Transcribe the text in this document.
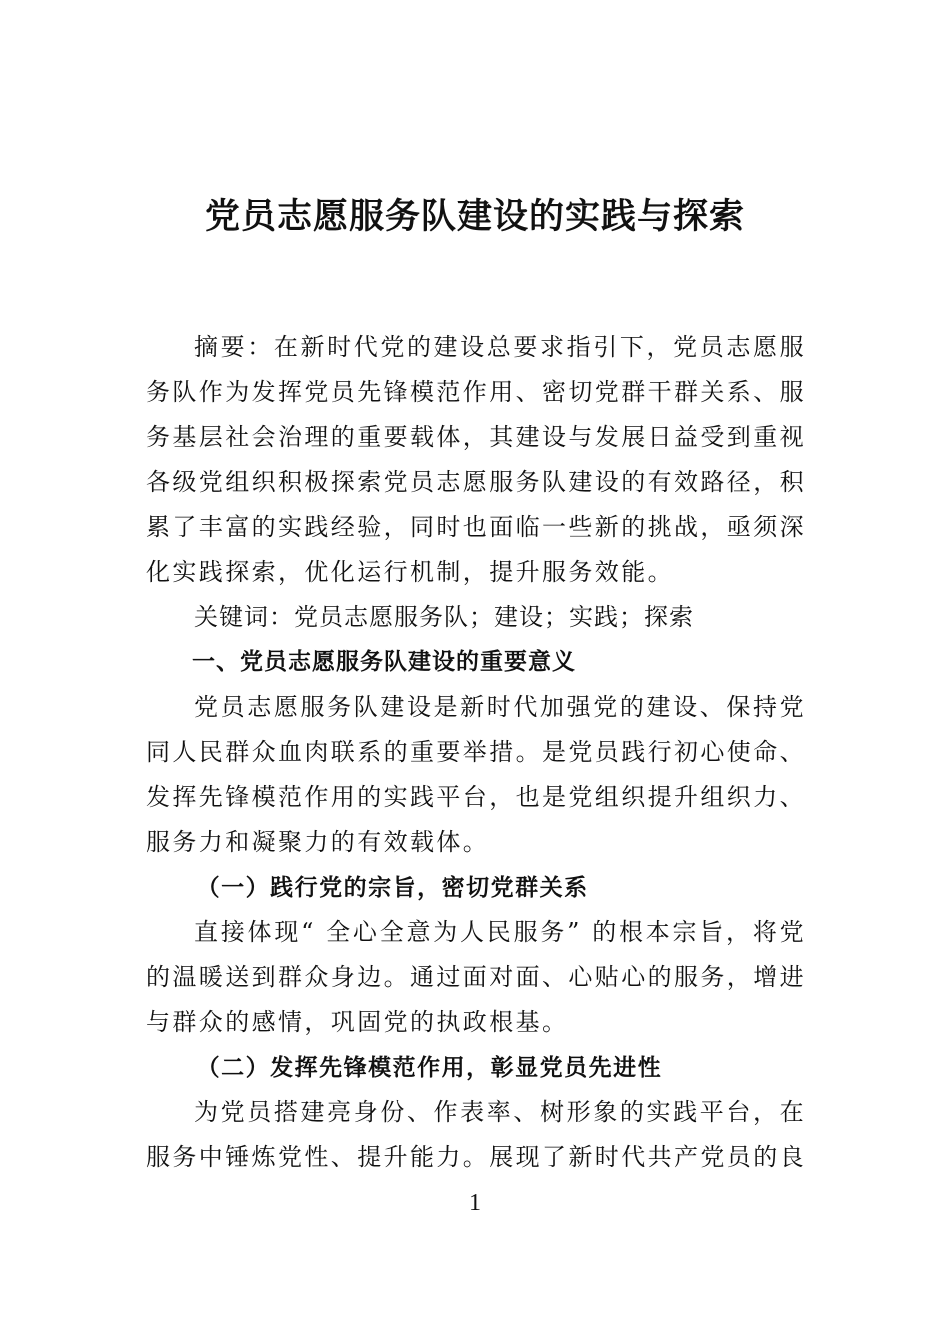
党员志愿服务队建设的实践与探索

摘要：在新时代党的建设总要求指引下，党员志愿服务队作为发挥党员先锋模范作用、密切党群干群关系、服务基层社会治理的重要载体，其建设与发展日益受到重视各级党组织积极探索党员志愿服务队建设的有效路径，积累了丰富的实践经验，同时也面临一些新的挑战，亟须深化实践探索，优化运行机制，提升服务效能。

关键词：党员志愿服务队；建设；实践；探索

一、党员志愿服务队建设的重要意义

党员志愿服务队建设是新时代加强党的建设、保持党同人民群众血肉联系的重要举措。是党员践行初心使命、发挥先锋模范作用的实践平台，也是党组织提升组织力、服务力和凝聚力的有效载体。

（一）践行党的宗旨，密切党群关系

直接体现“ 全心全意为人民服务” 的根本宗旨，将党的温暖送到群众身边。通过面对面、心贴心的服务，增进与群众的感情，巩固党的执政根基。

（二）发挥先锋模范作用，彰显党员先进性

为党员搭建亮身份、作表率、树形象的实践平台，在服务中锤炼党性、提升能力。展现了新时代共产党员的良

1
